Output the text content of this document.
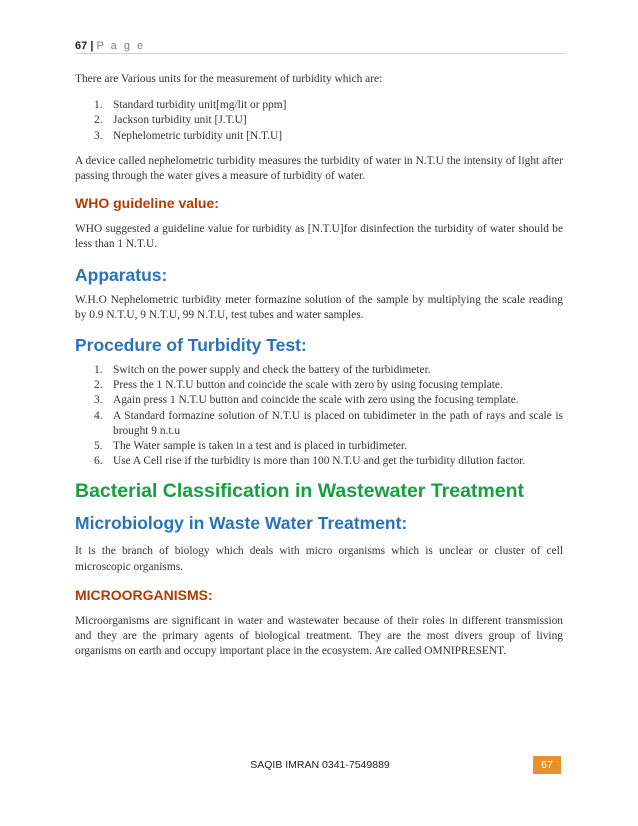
67 | P a g e

There are Various units for the measurement of turbidity which are:

1. Standard turbidity unit[mg/lit or ppm]
2. Jackson turbidity unit [J.T.U]
3. Nephelometric turbidity unit [N.T.U]

A device called nephelometric turbidity measures the turbidity of water in N.T.U the intensity of light after passing through the water gives a measure of turbidity of water.

WHO guideline value:

WHO suggested a guideline value for turbidity as [N.T.U]for disinfection the turbidity of water should be less than 1 N.T.U.

Apparatus:

W.H.O Nephelometric turbidity meter formazine solution of the sample by multiplying the scale reading by 0.9 N.T.U, 9 N.T.U, 99 N.T.U, test tubes and water samples.

Procedure of Turbidity Test:
1. Switch on the power supply and check the battery of the turbidimeter.
2. Press the 1 N.T.U button and coincide the scale with zero by using focusing template.
3. Again press 1 N.T.U button and coincide the scale with zero using the focusing template.
4. A Standard formazine solution of N.T.U is placed on tubidimeter in the path of rays and scale is brought 9 n.t.u
5. The Water sample is taken in a test and is placed in turbidimeter.
6. Use A Cell rise if the turbidity is more than 100 N.T.U and get the turbidity dilution factor.
Bacterial Classification in Wastewater Treatment
Microbiology in Waste Water Treatment:

It is the branch of biology which deals with micro organisms which is unclear or cluster of cell microscopic organisms.

MICROORGANISMS:

Microorganisms are significant in water and wastewater because of their roles in different transmission and they are the primary agents of biological treatment. They are the most divers group of living organisms on earth and occupy important place in the ecosystem. Are called OMNIPRESENT.

SAQIB IMRAN 0341-7549889	67
